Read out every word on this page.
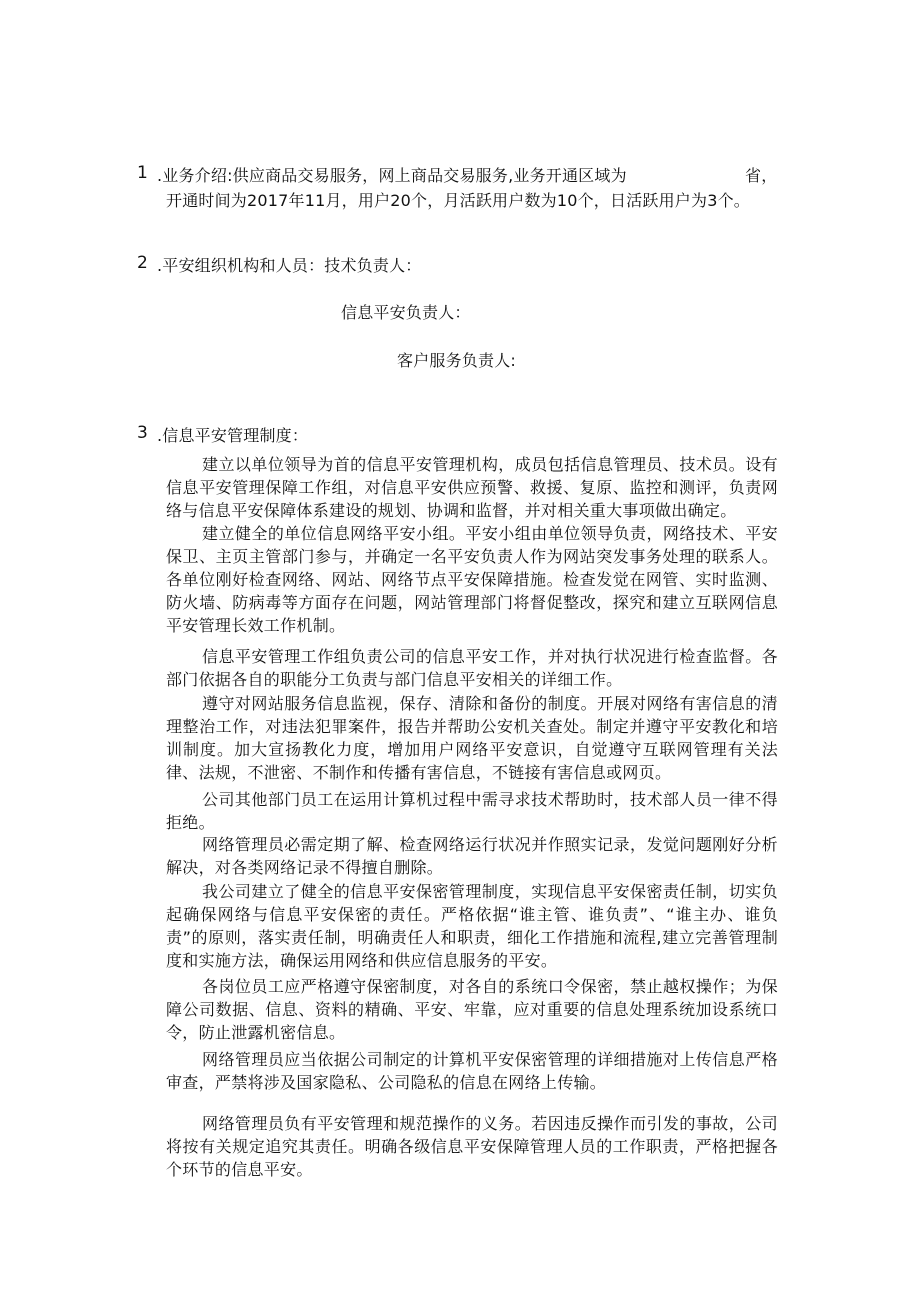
1 .业务介绍:供应商品交易服务，网上商品交易服务,业务开通区域为	省，
开通时间为2017年11月，用户20个，月活跃用户数为10个，日活跃用户为3个。
2 .平安组织机构和人员：技术负责人：
信息平安负责人：
客户服务负责人:
3 .信息平安管理制度：

建立以单位领导为首的信息平安管理机构，成员包括信息管理员、技术员。设有信息平安管理保障工作组，对信息平安供应预警、救援、复原、监控和测评，负责网络与信息平安保障体系建设的规划、协调和监督，并对相关重大事项做出确定。

建立健全的单位信息网络平安小组。平安小组由单位领导负责，网络技术、平安保卫、主页主管部门参与，并确定一名平安负责人作为网站突发事务处理的联系人。各单位刚好检查网络、网站、网络节点平安保障措施。检查发觉在网管、实时监测、防火墙、防病毒等方面存在问题，网站管理部门将督促整改，探究和建立互联网信息平安管理长效工作机制。

信息平安管理工作组负责公司的信息平安工作，并对执行状况进行检查监督。各部门依据各自的职能分工负责与部门信息平安相关的详细工作。

遵守对网站服务信息监视，保存、清除和备份的制度。开展对网络有害信息的清理整治工作，对违法犯罪案件，报告并帮助公安机关查处。制定并遵守平安教化和培训制度。加大宣扬教化力度，增加用户网络平安意识，自觉遵守互联网管理有关法律、法规，不泄密、不制作和传播有害信息，不链接有害信息或网页。

公司其他部门员工在运用计算机过程中需寻求技术帮助时，技术部人员一律不得拒绝。

网络管理员必需定期了解、检查网络运行状况并作照实记录，发觉问题刚好分析解决，对各类网络记录不得擅自删除。

我公司建立了健全的信息平安保密管理制度，实现信息平安保密责任制，切实负起确保网络与信息平安保密的责任。严格依据“谁主管、谁负责”、“谁主办、谁负责”的原则，落实责任制，明确责任人和职责，细化工作措施和流程,建立完善管理制度和实施方法，确保运用网络和供应信息服务的平安。

各岗位员工应严格遵守保密制度，对各自的系统口令保密，禁止越权操作；为保障公司数据、信息、资料的精确、平安、牢靠，应对重要的信息处理系统加设系统口令，防止泄露机密信息。

网络管理员应当依据公司制定的计算机平安保密管理的详细措施对上传信息严格审查，严禁将涉及国家隐私、公司隐私的信息在网络上传输。

网络管理员负有平安管理和规范操作的义务。若因违反操作而引发的事故，公司将按有关规定追究其责任。明确各级信息平安保障管理人员的工作职责，严格把握各个环节的信息平安。
